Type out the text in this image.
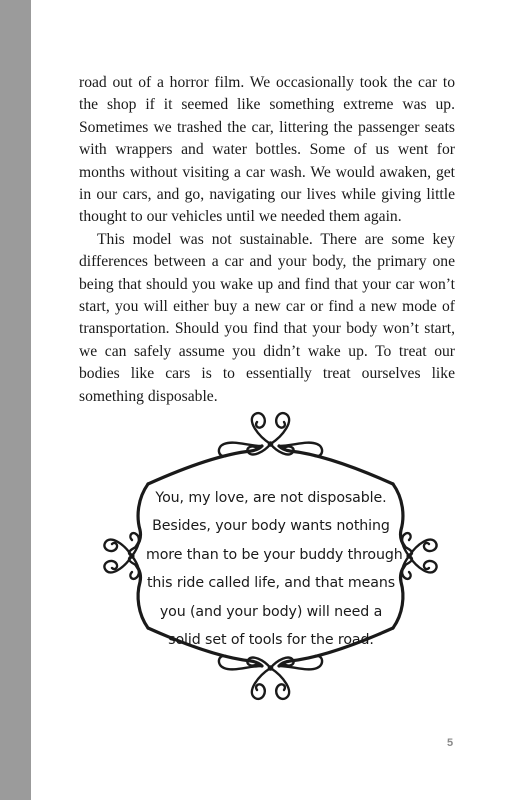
road out of a horror film. We occasionally took the car to the shop if it seemed like something extreme was up. Sometimes we trashed the car, littering the passenger seats with wrappers and water bottles. Some of us went for months without visiting a car wash. We would awaken, get in our cars, and go, navigating our lives while giving little thought to our vehicles until we needed them again.

This model was not sustainable. There are some key differences between a car and your body, the primary one being that should you wake up and find that your car won’t start, you will either buy a new car or find a new mode of transportation. Should you find that your body won’t start, we can safely assume you didn’t wake up. To treat our bodies like cars is to essentially treat ourselves like something disposable.

You, my love, are not disposable.
Besides, your body wants nothing
more than to be your buddy through
this ride called life, and that means
you (and your body) will need a
solid set of tools for the road.
5
